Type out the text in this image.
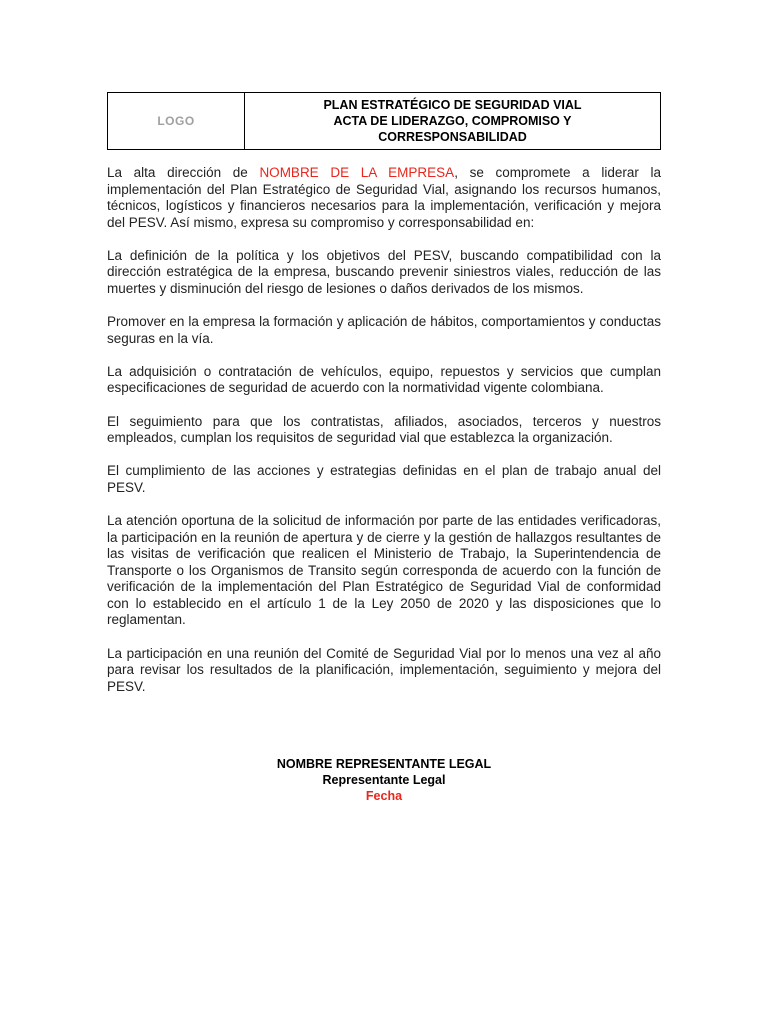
LOGO
PLAN ESTRATÉGICO DE SEGURIDAD VIAL
ACTA DE LIDERAZGO, COMPROMISO Y
CORRESPONSABILIDAD

La alta dirección de NOMBRE DE LA EMPRESA, se compromete a liderar la implementación del Plan Estratégico de Seguridad Vial, asignando los recursos humanos, técnicos, logísticos y financieros necesarios para la implementación, verificación y mejora del PESV. Así mismo, expresa su compromiso y corresponsabilidad en:

La definición de la política y los objetivos del PESV, buscando compatibilidad con la dirección estratégica de la empresa, buscando prevenir siniestros viales, reducción de las muertes y disminución del riesgo de lesiones o daños derivados de los mismos.

Promover en la empresa la formación y aplicación de hábitos, comportamientos y conductas seguras en la vía.

La adquisición o contratación de vehículos, equipo, repuestos y servicios que cumplan especificaciones de seguridad de acuerdo con la normatividad vigente colombiana.

El seguimiento para que los contratistas, afiliados, asociados, terceros y nuestros empleados, cumplan los requisitos de seguridad vial que establezca la organización.

El cumplimiento de las acciones y estrategias definidas en el plan de trabajo anual del PESV.

La atención oportuna de la solicitud de información por parte de las entidades verificadoras, la participación en la reunión de apertura y de cierre y la gestión de hallazgos resultantes de las visitas de verificación que realicen el Ministerio de Trabajo, la Superintendencia de Transporte o los Organismos de Transito según corresponda de acuerdo con la función de verificación de la implementación del Plan Estratégico de Seguridad Vial de conformidad con lo establecido en el artículo 1 de la Ley 2050 de 2020 y las disposiciones que lo reglamentan.

La participación en una reunión del Comité de Seguridad Vial por lo menos una vez al año para revisar los resultados de la planificación, implementación, seguimiento y mejora del PESV.

NOMBRE REPRESENTANTE LEGAL
Representante Legal
Fecha
